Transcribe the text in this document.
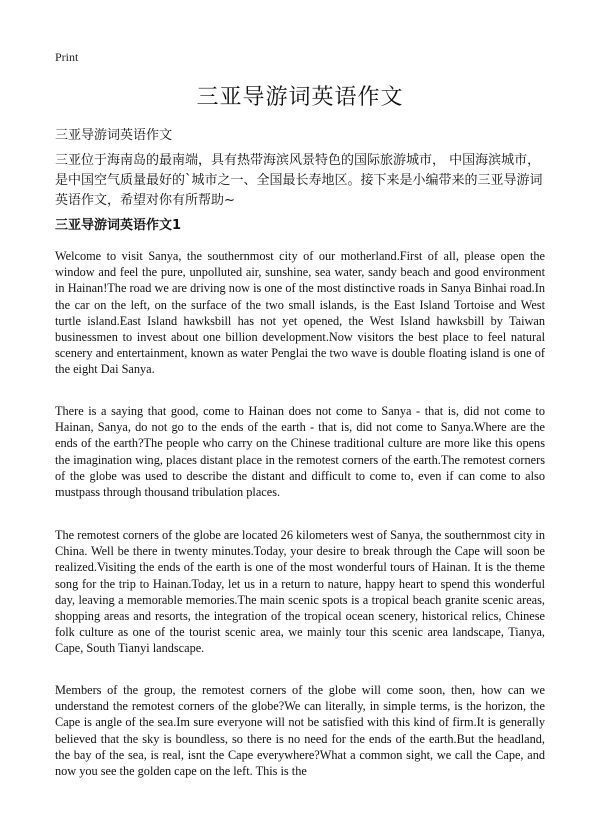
Print
三亚导游词英语作文
三亚导游词英语作文

三亚位于海南岛的最南端，具有热带海滨风景特色的国际旅游城市， 中国海滨城市，是中国空气质量最好的`城市之一、全国最长寿地区。接下来是小编带来的三亚导游词英语作文，希望对你有所帮助~

三亚导游词英语作文1

Welcome to visit Sanya, the southernmost city of our motherland.First of all, please open the window and feel the pure, unpolluted air, sunshine, sea water, sandy beach and good environment in Hainan!The road we are driving now is one of the most distinctive roads in Sanya Binhai road.In the car on the left, on the surface of the two small islands, is the East Island Tortoise and West turtle island.East Island hawksbill has not yet opened, the West Island hawksbill by Taiwan businessmen to invest about one billion development.Now visitors the best place to feel natural scenery and entertainment, known as water Penglai the two wave is double floating island is one of the eight Dai Sanya.

There is a saying that good, come to Hainan does not come to Sanya - that is, did not come to Hainan, Sanya, do not go to the ends of the earth - that is, did not come to Sanya.Where are the ends of the earth?The people who carry on the Chinese traditional culture are more like this opens the imagination wing, places distant place in the remotest corners of the earth.The remotest corners of the globe was used to describe the distant and difficult to come to, even if can come to also mustpass through thousand tribulation places.

The remotest corners of the globe are located 26 kilometers west of Sanya, the southernmost city in China. Well be there in twenty minutes.Today, your desire to break through the Cape will soon be realized.Visiting the ends of the earth is one of the most wonderful tours of Hainan. It is the theme song for the trip to Hainan.Today, let us in a return to nature, happy heart to spend this wonderful day, leaving a memorable memories.The main scenic spots is a tropical beach granite scenic areas, shopping areas and resorts, the integration of the tropical ocean scenery, historical relics, Chinese folk culture as one of the tourist scenic area, we mainly tour this scenic area landscape, Tianya, Cape, South Tianyi landscape.

Members of the group, the remotest corners of the globe will come soon, then, how can we understand the remotest corners of the globe?We can literally, in simple terms, is the horizon, the Cape is angle of the sea.Im sure everyone will not be satisfied with this kind of firm.It is generally believed that the sky is boundless, so there is no need for the ends of the earth.But the headland, the bay of the sea, is real, isnt the Cape everywhere?What a common sight, we call the Cape, and now you see the golden cape on the left. This is the
